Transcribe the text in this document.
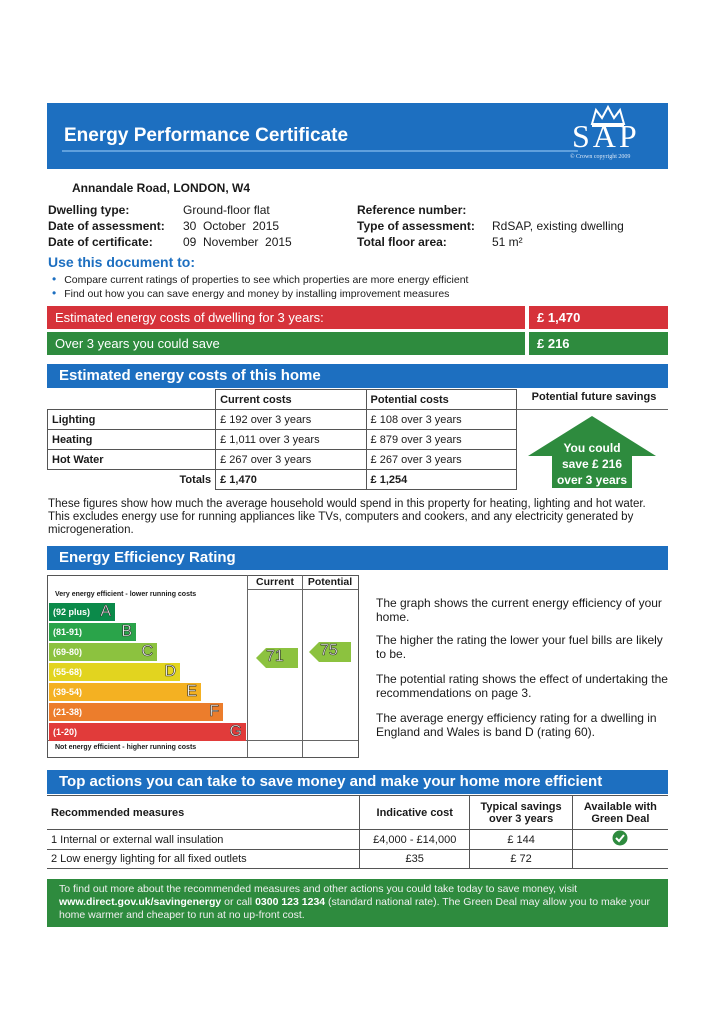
Energy Performance Certificate	SAP
© Crown copyright 2009
Annandale Road, LONDON, W4
Dwelling type:	Ground-floor flat
Date of assessment: 30  October  2015
Date of certificate:	09  November  2015
Reference number:
Type of assessment: RdSAP, existing dwelling
Total floor area:	51 m²
Use this document to:
• Compare current ratings of properties to see which properties are more energy efficient
• Find out how you can save energy and money by installing improvement measures
Estimated energy costs of dwelling for 3 years:	£ 1,470
Over 3 years you could save	£ 216
Estimated energy costs of this home
	Current costs	Potential costs
Lighting	£ 192 over 3 years	£ 108 over 3 years
Heating	£ 1,011 over 3 years	£ 879 over 3 years
Hot Water	£ 267 over 3 years	£ 267 over 3 years
Totals	£ 1,470	£ 1,254
Potential future savings
You could
save £ 216
over 3 years
These figures show how much the average household would spend in this property for heating, lighting and hot water. This excludes energy use for running appliances like TVs, computers and cookers, and any electricity generated by microgeneration.
Energy Efficiency Rating
Current	Potential
Very energy efficient - lower running costs
Not energy efficient - higher running costs
(92 plus) A
(81-91) B
(69-80)	C
(55-68)	D
(39-54)	E
(21-38)	F
(1-20)	G
71 75
The graph shows the current energy efficiency of your home.
The higher the rating the lower your fuel bills are likely to be.
The potential rating shows the effect of undertaking the recommendations on page 3.
The average energy efficiency rating for a dwelling in England and Wales is band D (rating 60).
Top actions you can take to save money and make your home more efficient
Recommended measures	Indicative cost	Typical savings over 3 years	Available with Green Deal
1 Internal or external wall insulation	£4,000 - £14,000	£ 144	
2 Low energy lighting for all fixed outlets	£35	£ 72	
To find out more about the recommended measures and other actions you could take today to save money, visit www.direct.gov.uk/savingenergy or call 0300 123 1234 (standard national rate). The Green Deal may allow you to make your home warmer and cheaper to run at no up-front cost.
